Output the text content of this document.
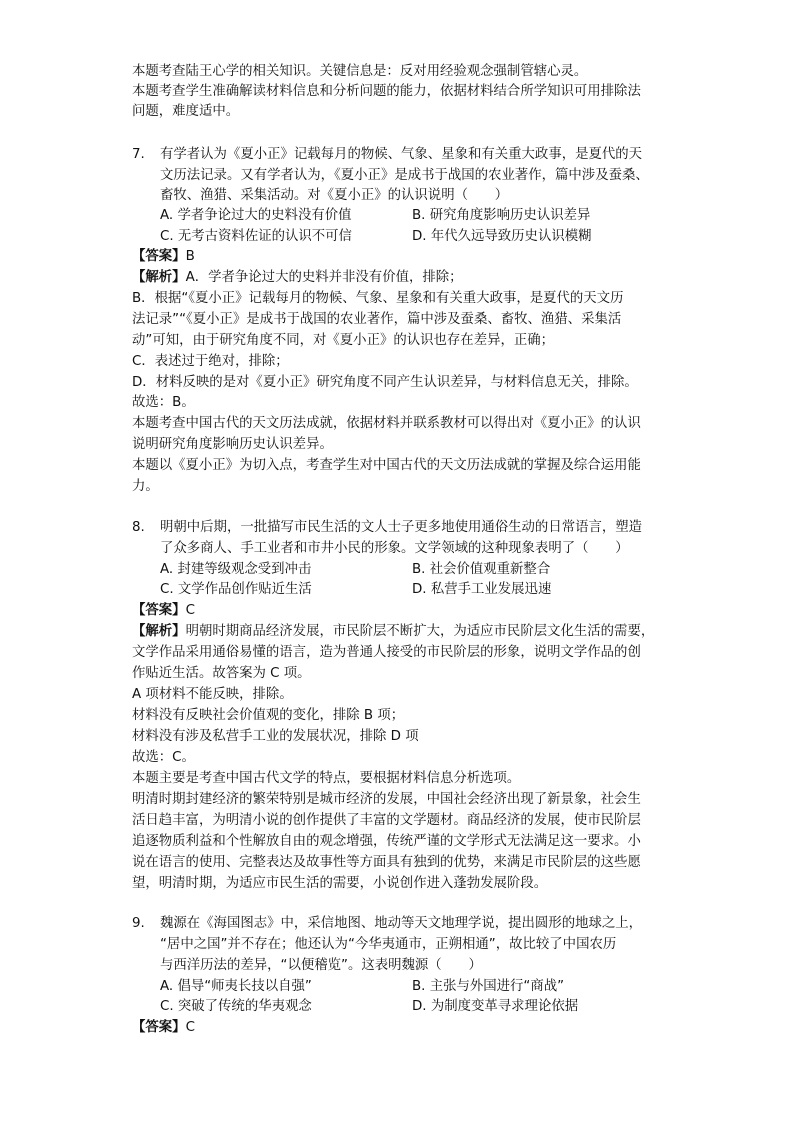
本题考查陆王心学的相关知识。关键信息是：反对用经验观念强制管辖心灵。
本题考查学生准确解读材料信息和分析问题的能力，依据材料结合所学知识可用排除法
问题，难度适中。
7. 有学者认为《夏小正》记载每月的物候、气象、星象和有关重大政事，是夏代的天
文历法记录。又有学者认为，《夏小正》是成书于战国的农业著作，篇中涉及蚕桑、
畜牧、渔猎、采集活动。对《夏小正》的认识说明（　　）
A. 学者争论过大的史料没有价值	B. 研究角度影响历史认识差异
C. 无考古资料佐证的认识不可信	D. 年代久远导致历史认识模糊
【答案】B
【解析】A．学者争论过大的史料并非没有价值，排除；
B．根据“《夏小正》记载每月的物候、气象、星象和有关重大政事，是夏代的天文历
法记录”“《夏小正》是成书于战国的农业著作，篇中涉及蚕桑、畜牧、渔猎、采集活
动”可知，由于研究角度不同，对《夏小正》的认识也存在差异，正确；
C．表述过于绝对，排除；
D．材料反映的是对《夏小正》研究角度不同产生认识差异，与材料信息无关，排除。
故选：B。
本题考查中国古代的天文历法成就，依据材料并联系教材可以得出对《夏小正》的认识
说明研究角度影响历史认识差异。
本题以《夏小正》为切入点，考查学生对中国古代的天文历法成就的掌握及综合运用能
力。
8. 明朝中后期，一批描写市民生活的文人士子更多地使用通俗生动的日常语言，塑造
了众多商人、手工业者和市井小民的形象。文学领域的这种现象表明了（　　）
A. 封建等级观念受到冲击	B. 社会价值观重新整合
C. 文学作品创作贴近生活	D. 私营手工业发展迅速
【答案】C
【解析】明朝时期商品经济发展，市民阶层不断扩大，为适应市民阶层文化生活的需要，
文学作品采用通俗易懂的语言，造为普通人接受的市民阶层的形象，说明文学作品的创
作贴近生活。故答案为 C 项。
A 项材料不能反映，排除。
材料没有反映社会价值观的变化，排除 B 项；
材料没有涉及私营手工业的发展状况，排除 D 项
故选：C。
本题主要是考查中国古代文学的特点，要根据材料信息分析选项。
明清时期封建经济的繁荣特别是城市经济的发展，中国社会经济出现了新景象，社会生
活日趋丰富，为明清小说的创作提供了丰富的文学题材。商品经济的发展，使市民阶层
追逐物质利益和个性解放自由的观念增强，传统严谨的文学形式无法满足这一要求。小
说在语言的使用、完整表达及故事性等方面具有独到的优势，来满足市民阶层的这些愿
望，明清时期，为适应市民生活的需要，小说创作进入蓬勃发展阶段。
9. 魏源在《海国图志》中，采信地图、地动等天文地理学说，提出圆形的地球之上，
“居中之国”并不存在；他还认为“今华夷通市，正朔相通”，故比较了中国农历
与西洋历法的差异，“以便稽览”。这表明魏源（　　）
A. 倡导“师夷长技以自强”	B. 主张与外国进行“商战”
C. 突破了传统的华夷观念	D. 为制度变革寻求理论依据
【答案】C
